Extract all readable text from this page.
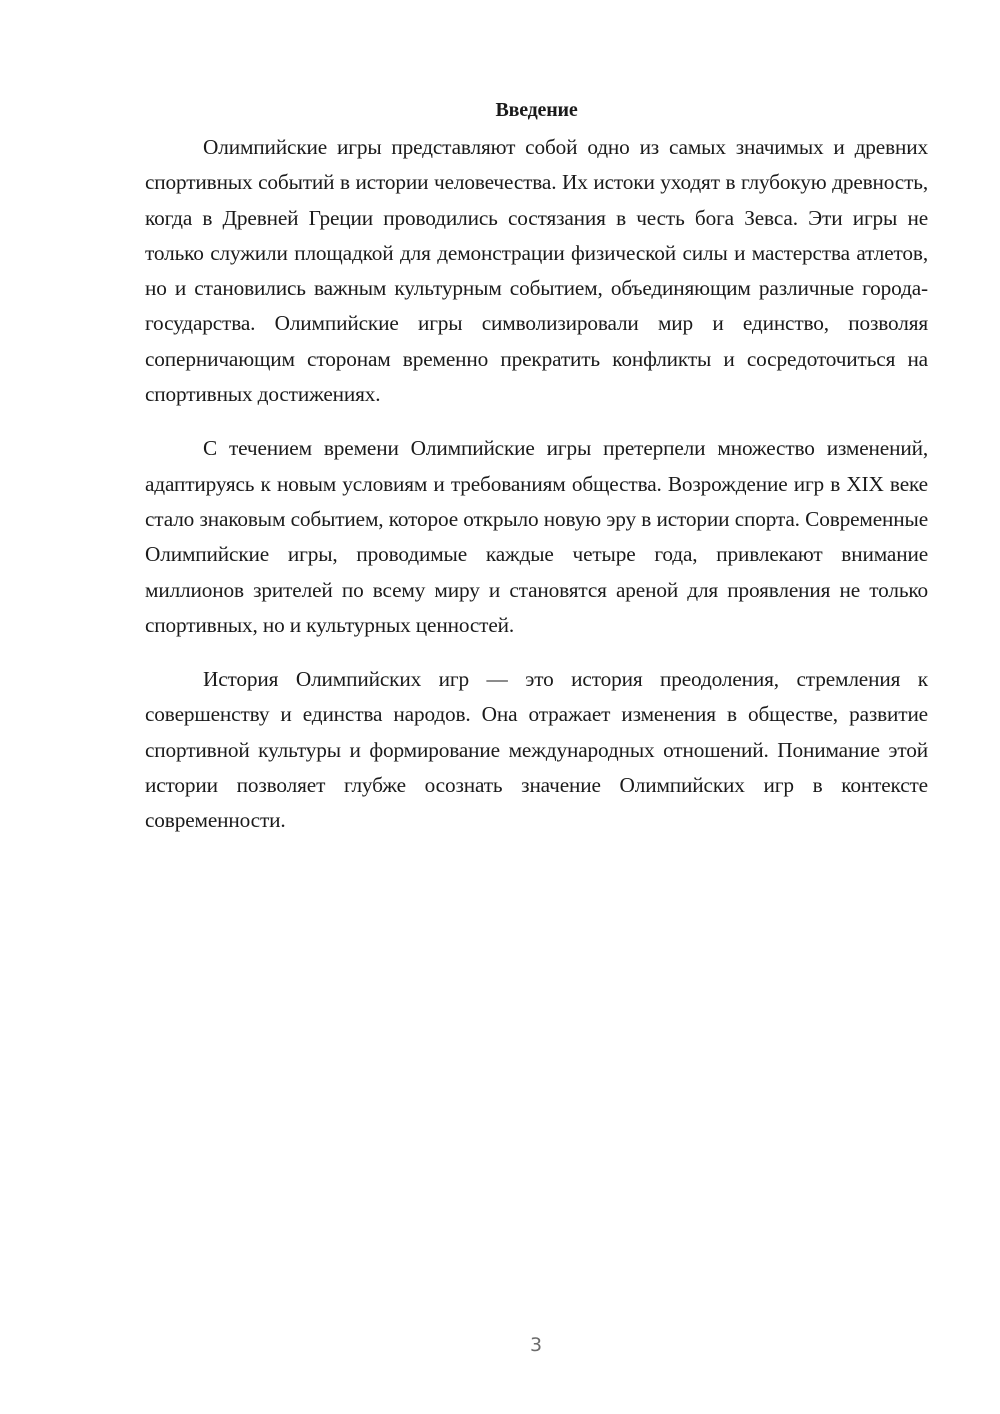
Введение

Олимпийские игры представляют собой одно из самых значимых и древних спортивных событий в истории человечества. Их истоки уходят в глубокую древность, когда в Древней Греции проводились состязания в честь бога Зевса. Эти игры не только служили площадкой для демонстрации физической силы и мастерства атлетов, но и становились важным культурным событием, объединяющим различные города-государства. Олимпийские игры символизировали мир и единство, позволяя соперничающим сторонам временно прекратить конфликты и сосредоточиться на спортивных достижениях.

С течением времени Олимпийские игры претерпели множество изменений, адаптируясь к новым условиям и требованиям общества. Возрождение игр в XIX веке стало знаковым событием, которое открыло новую эру в истории спорта. Современные Олимпийские игры, проводимые каждые четыре года, привлекают внимание миллионов зрителей по всему миру и становятся ареной для проявления не только спортивных, но и культурных ценностей.

История Олимпийских игр — это история преодоления, стремления к совершенству и единства народов. Она отражает изменения в обществе, развитие спортивной культуры и формирование международных отношений. Понимание этой истории позволяет глубже осознать значение Олимпийских игр в контексте современности.

3
